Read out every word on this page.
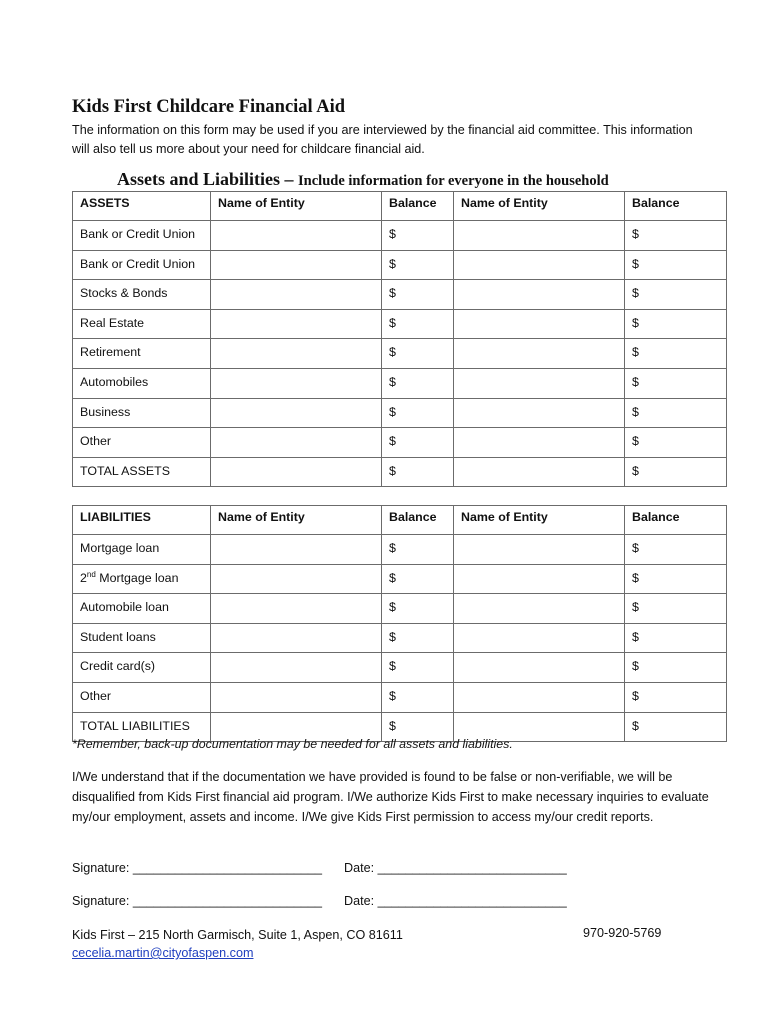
Kids First Childcare Financial Aid
The information on this form may be used if you are interviewed by the financial aid committee. This information will also tell us more about your need for childcare financial aid.
Assets and Liabilities – Include information for everyone in the household
ASSETS	Name of Entity	Balance	Name of Entity	Balance
Bank or Credit Union		$		$
Bank or Credit Union		$		$
Stocks & Bonds		$		$
Real Estate		$		$
Retirement		$		$
Automobiles		$		$
Business		$		$
Other		$		$
TOTAL ASSETS		$		$
LIABILITIES	Name of Entity	Balance	Name of Entity	Balance
Mortgage loan		$		$
2nd Mortgage loan		$		$
Automobile loan		$		$
Student loans		$		$
Credit card(s)		$		$
Other		$		$
TOTAL LIABILITIES		$		$
*Remember, back-up documentation may be needed for all assets and liabilities.
I/We understand that if the documentation we have provided is found to be false or non-verifiable, we will be disqualified from Kids First financial aid program. I/We authorize Kids First to make necessary inquiries to evaluate my/our employment, assets and income. I/We give Kids First permission to access my/our credit reports.
Signature: ___________________________ Date: ___________________________
Signature: ___________________________ Date: ___________________________
Kids First – 215 North Garmisch, Suite 1, Aspen, CO 81611
cecelia.martin@cityofaspen.com
970-920-5769
